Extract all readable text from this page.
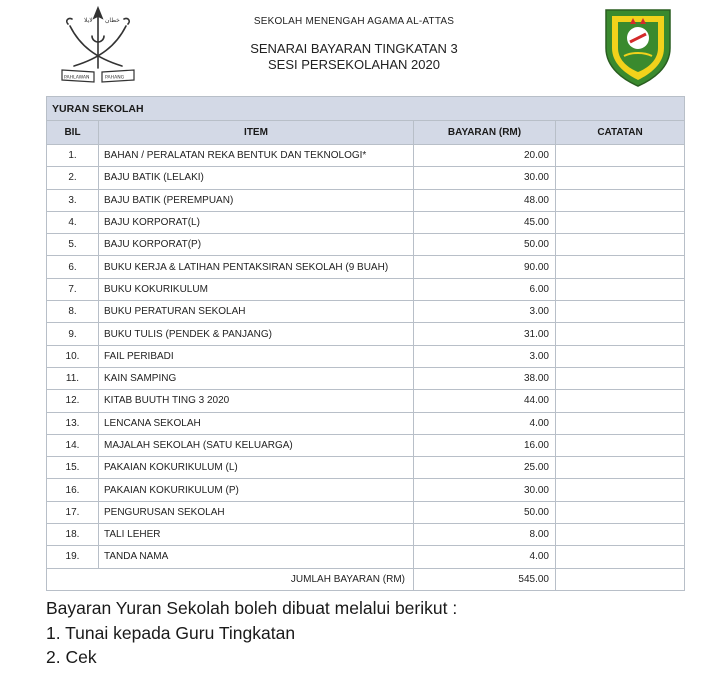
ﻻﻳﻼ ﺧﻄﺎﻥ
PAHLAWAN	PAHANG
SEKOLAH MENENGAH AGAMA AL-ATTAS
SENARAI BAYARAN TINGKATAN 3
SESI PERSEKOLAHAN 2020
YURAN SEKOLAH			
BIL	ITEM	BAYARAN (RM)	CATATAN
1.	BAHAN / PERALATAN REKA BENTUK DAN TEKNOLOGI*	20.00	
2.	BAJU BATIK (LELAKI)	30.00	
3.	BAJU BATIK (PEREMPUAN)	48.00	
4.	BAJU KORPORAT(L)	45.00	
5.	BAJU KORPORAT(P)	50.00	
6.	BUKU KERJA & LATIHAN PENTAKSIRAN SEKOLAH (9 BUAH)	90.00	
7.	BUKU KOKURIKULUM	6.00	
8.	BUKU PERATURAN SEKOLAH	3.00	
9.	BUKU TULIS (PENDEK & PANJANG)	31.00	
10.	FAIL PERIBADI	3.00	
11.	KAIN SAMPING	38.00	
12.	KITAB BUUTH TING 3 2020	44.00	
13.	LENCANA SEKOLAH	4.00	
14.	MAJALAH SEKOLAH (SATU KELUARGA)	16.00	
15.	PAKAIAN KOKURIKULUM (L)	25.00	
16.	PAKAIAN KOKURIKULUM (P)	30.00	
17.	PENGURUSAN SEKOLAH	50.00	
18.	TALI LEHER	8.00	
19.	TANDA NAMA	4.00	
JUMLAH BAYARAN (RM)		545.00	
Bayaran Yuran Sekolah boleh dibuat melalui berikut :
1. Tunai kepada Guru Tingkatan
2. Cek
